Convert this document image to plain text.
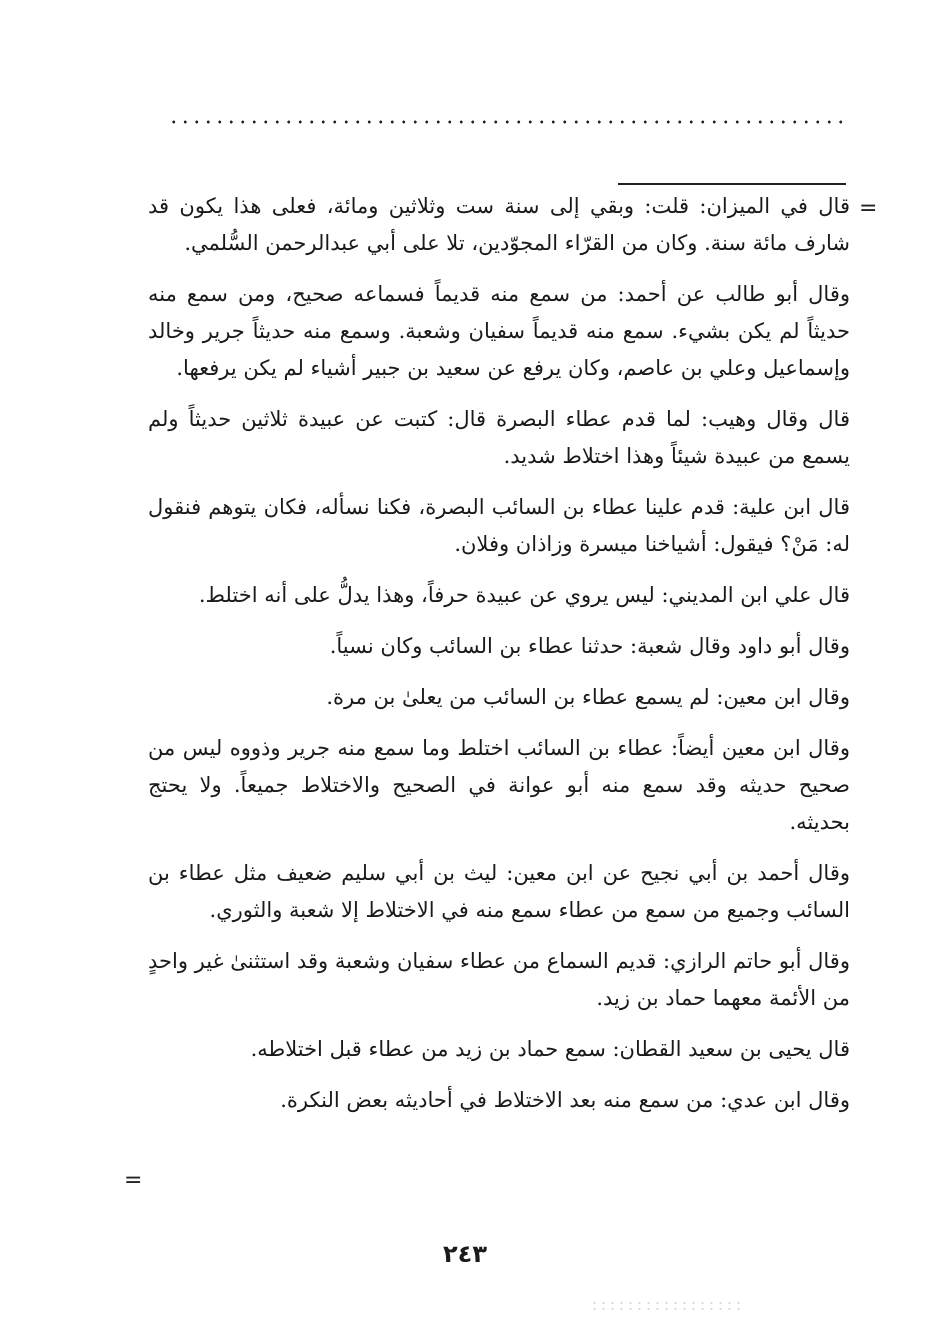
=

قال في الميزان: قلت: وبقي إلى سنة ست وثلاثين ومائة، فعلى هذا يكون قد شارف مائة سنة. وكان من القرّاء المجوّدين، تلا على أبي عبدالرحمن السُّلمي.

وقال أبو طالب عن أحمد: من سمع منه قديماً فسماعه صحيح، ومن سمع منه حديثاً لم يكن بشيء. سمع منه قديماً سفيان وشعبة. وسمع منه حديثاً جرير وخالد وإسماعيل وعلي بن عاصم، وكان يرفع عن سعيد بن جبير أشياء لم يكن يرفعها.

قال وقال وهيب: لما قدم عطاء البصرة قال: كتبت عن عبيدة ثلاثين حديثاً ولم يسمع من عبيدة شيئاً وهذا اختلاط شديد.

قال ابن علية: قدم علينا عطاء بن السائب البصرة، فكنا نسأله، فكان يتوهم فنقول له: مَنْ؟ فيقول: أشياخنا ميسرة وزاذان وفلان.

قال علي ابن المديني: ليس يروي عن عبيدة حرفاً، وهذا يدلُّ على أنه اختلط.

وقال أبو داود وقال شعبة: حدثنا عطاء بن السائب وكان نسياً.

وقال ابن معين: لم يسمع عطاء بن السائب من يعلىٰ بن مرة.

وقال ابن معين أيضاً: عطاء بن السائب اختلط وما سمع منه جرير وذووه ليس من صحيح حديثه وقد سمع منه أبو عوانة في الصحيح والاختلاط جميعاً. ولا يحتج بحديثه.

وقال أحمد بن أبي نجيح عن ابن معين: ليث بن أبي سليم ضعيف مثل عطاء بن السائب وجميع من سمع من عطاء سمع منه في الاختلاط إلا شعبة والثوري.

وقال أبو حاتم الرازي: قديم السماع من عطاء سفيان وشعبة وقد استثنىٰ غير واحدٍ من الأئمة معهما حماد بن زيد.

قال يحيى بن سعيد القطان: سمع حماد بن زيد من عطاء قبل اختلاطه.

وقال ابن عدي: من سمع منه بعد الاختلاط في أحاديثه بعض النكرة.

=
٢٤٣
